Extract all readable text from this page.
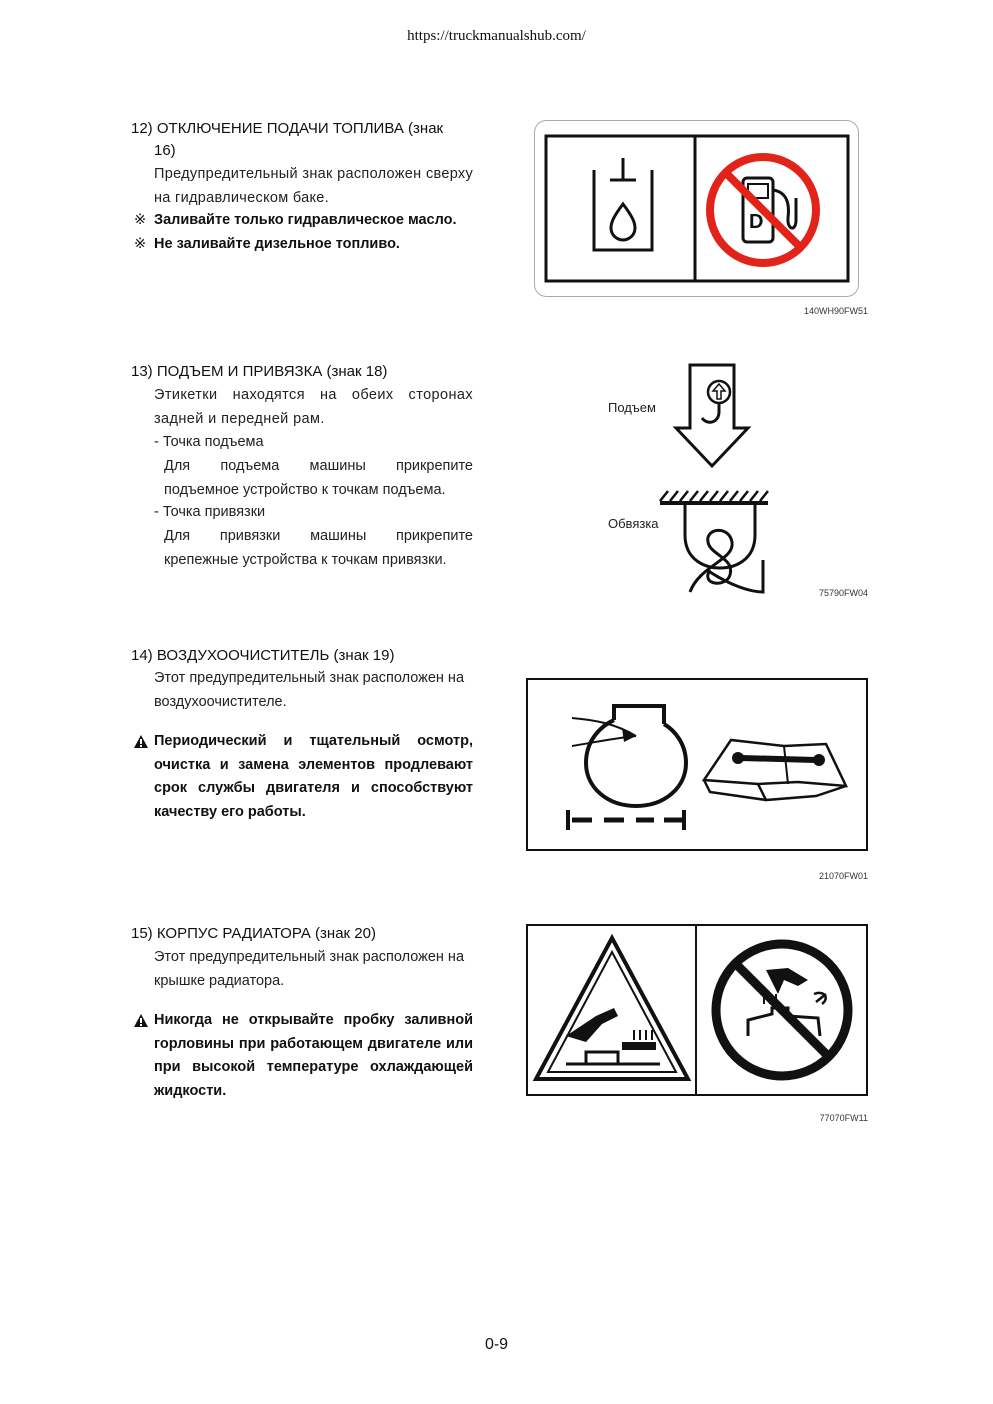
https://truckmanualshub.com/
12) ОТКЛЮЧЕНИЕ ПОДАЧИ ТОПЛИВА (знак
16)
Предупредительный знак расположен сверху на гидравлическом баке.
※ Заливайте только гидравлическое масло.
※ Не заливайте дизельное топливо.
D
140WH90FW51
13) ПОДЪЕМ И ПРИВЯЗКА (знак 18)
Этикетки находятся на обеих сторонах задней и передней рам.
- Точка подъема
Для подъема машины прикрепите подъемное устройство к точкам подъема.
- Точка привязки
Для привязки машины прикрепите крепежные устройства к точкам привязки.
Подъем
Обвязка
75790FW04
14) ВОЗДУХООЧИСТИТЕЛЬ (знак 19)
Этот предупредительный знак расположен на воздухоочистителе.
Периодический и тщательный осмотр, очистка и замена элементов продлевают срок службы двигателя и способствуют качеству его работы.
21070FW01
15) КОРПУС РАДИАТОРА (знак 20)
Этот предупредительный знак расположен на крышке радиатора.
Никогда не открывайте пробку заливной горловины при работающем двигателе или при высокой температуре охлаждающей жидкости.
77070FW11
0-9
